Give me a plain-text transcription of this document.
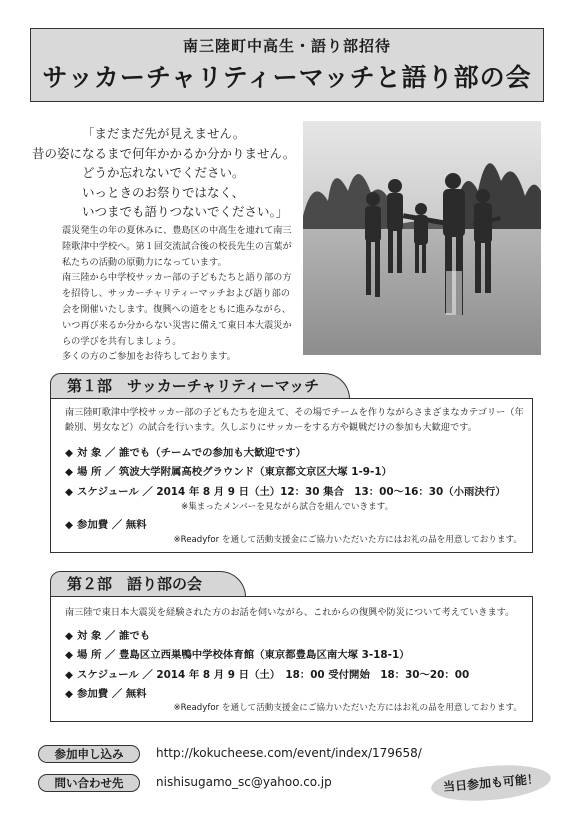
南三陸町中高生・語り部招待
サッカーチャリティーマッチと語り部の会
「まだまだ先が見えません。
昔の姿になるまで何年かかるか分かりません。
どうか忘れないでください。
いっときのお祭りではなく、
いつまでも語りつないでください。」

震災発生の年の夏休みに、豊島区の中高生を連れて南三陸歌津中学校へ。第１回交流試合後の校長先生の言葉が私たちの活動の原動力になっています。

南三陸から中学校サッカー部の子どもたちと語り部の方を招待し、サッカーチャリティーマッチおよび語り部の会を開催いたします。復興への道をともに進みながら、いつ再び来るか分からない災害に備えて東日本大震災からの学びを共有しましょう。

多くの方のご参加をお待ちしております。

第１部　サッカーチャリティーマッチ
南三陸町歌津中学校サッカー部の子どもたちを迎えて、その場でチームを作りながらさまざまなカテゴリー（年齢別、男女など）の試合を行います。久しぶりにサッカーをする方や観戦だけの参加も大歓迎です。
◆ 対 象 ／ 誰でも（チームでの参加も大歓迎です）
◆ 場 所 ／ 筑波大学附属高校グラウンド（東京都文京区大塚 1-9-1）
◆ スケジュール ／ 2014 年 8 月 9 日（土）12：30 集合　13：00～16：30（小雨決行）
※集まったメンバーを見ながら試合を組んでいきます。
◆ 参加費 ／ 無料
※Readyfor を通して活動支援金にご協力いただいた方にはお礼の品を用意しております。
第２部　語り部の会
南三陸で東日本大震災を経験された方のお話を伺いながら、これからの復興や防災について考えていきます。
◆ 対 象 ／ 誰でも
◆ 場 所 ／ 豊島区立西巣鴨中学校体育館（東京都豊島区南大塚 3-18-1）
◆ スケジュール ／ 2014 年 8 月 9 日（土）　18：00 受付開始　18：30～20：00
◆ 参加費 ／ 無料
※Readyfor を通して活動支援金にご協力いただいた方にはお礼の品を用意しております。
参加申し込み	http://kokucheese.com/event/index/179658/
問い合わせ先	nishisugamo_sc@yahoo.co.jp	当日参加も可能！
